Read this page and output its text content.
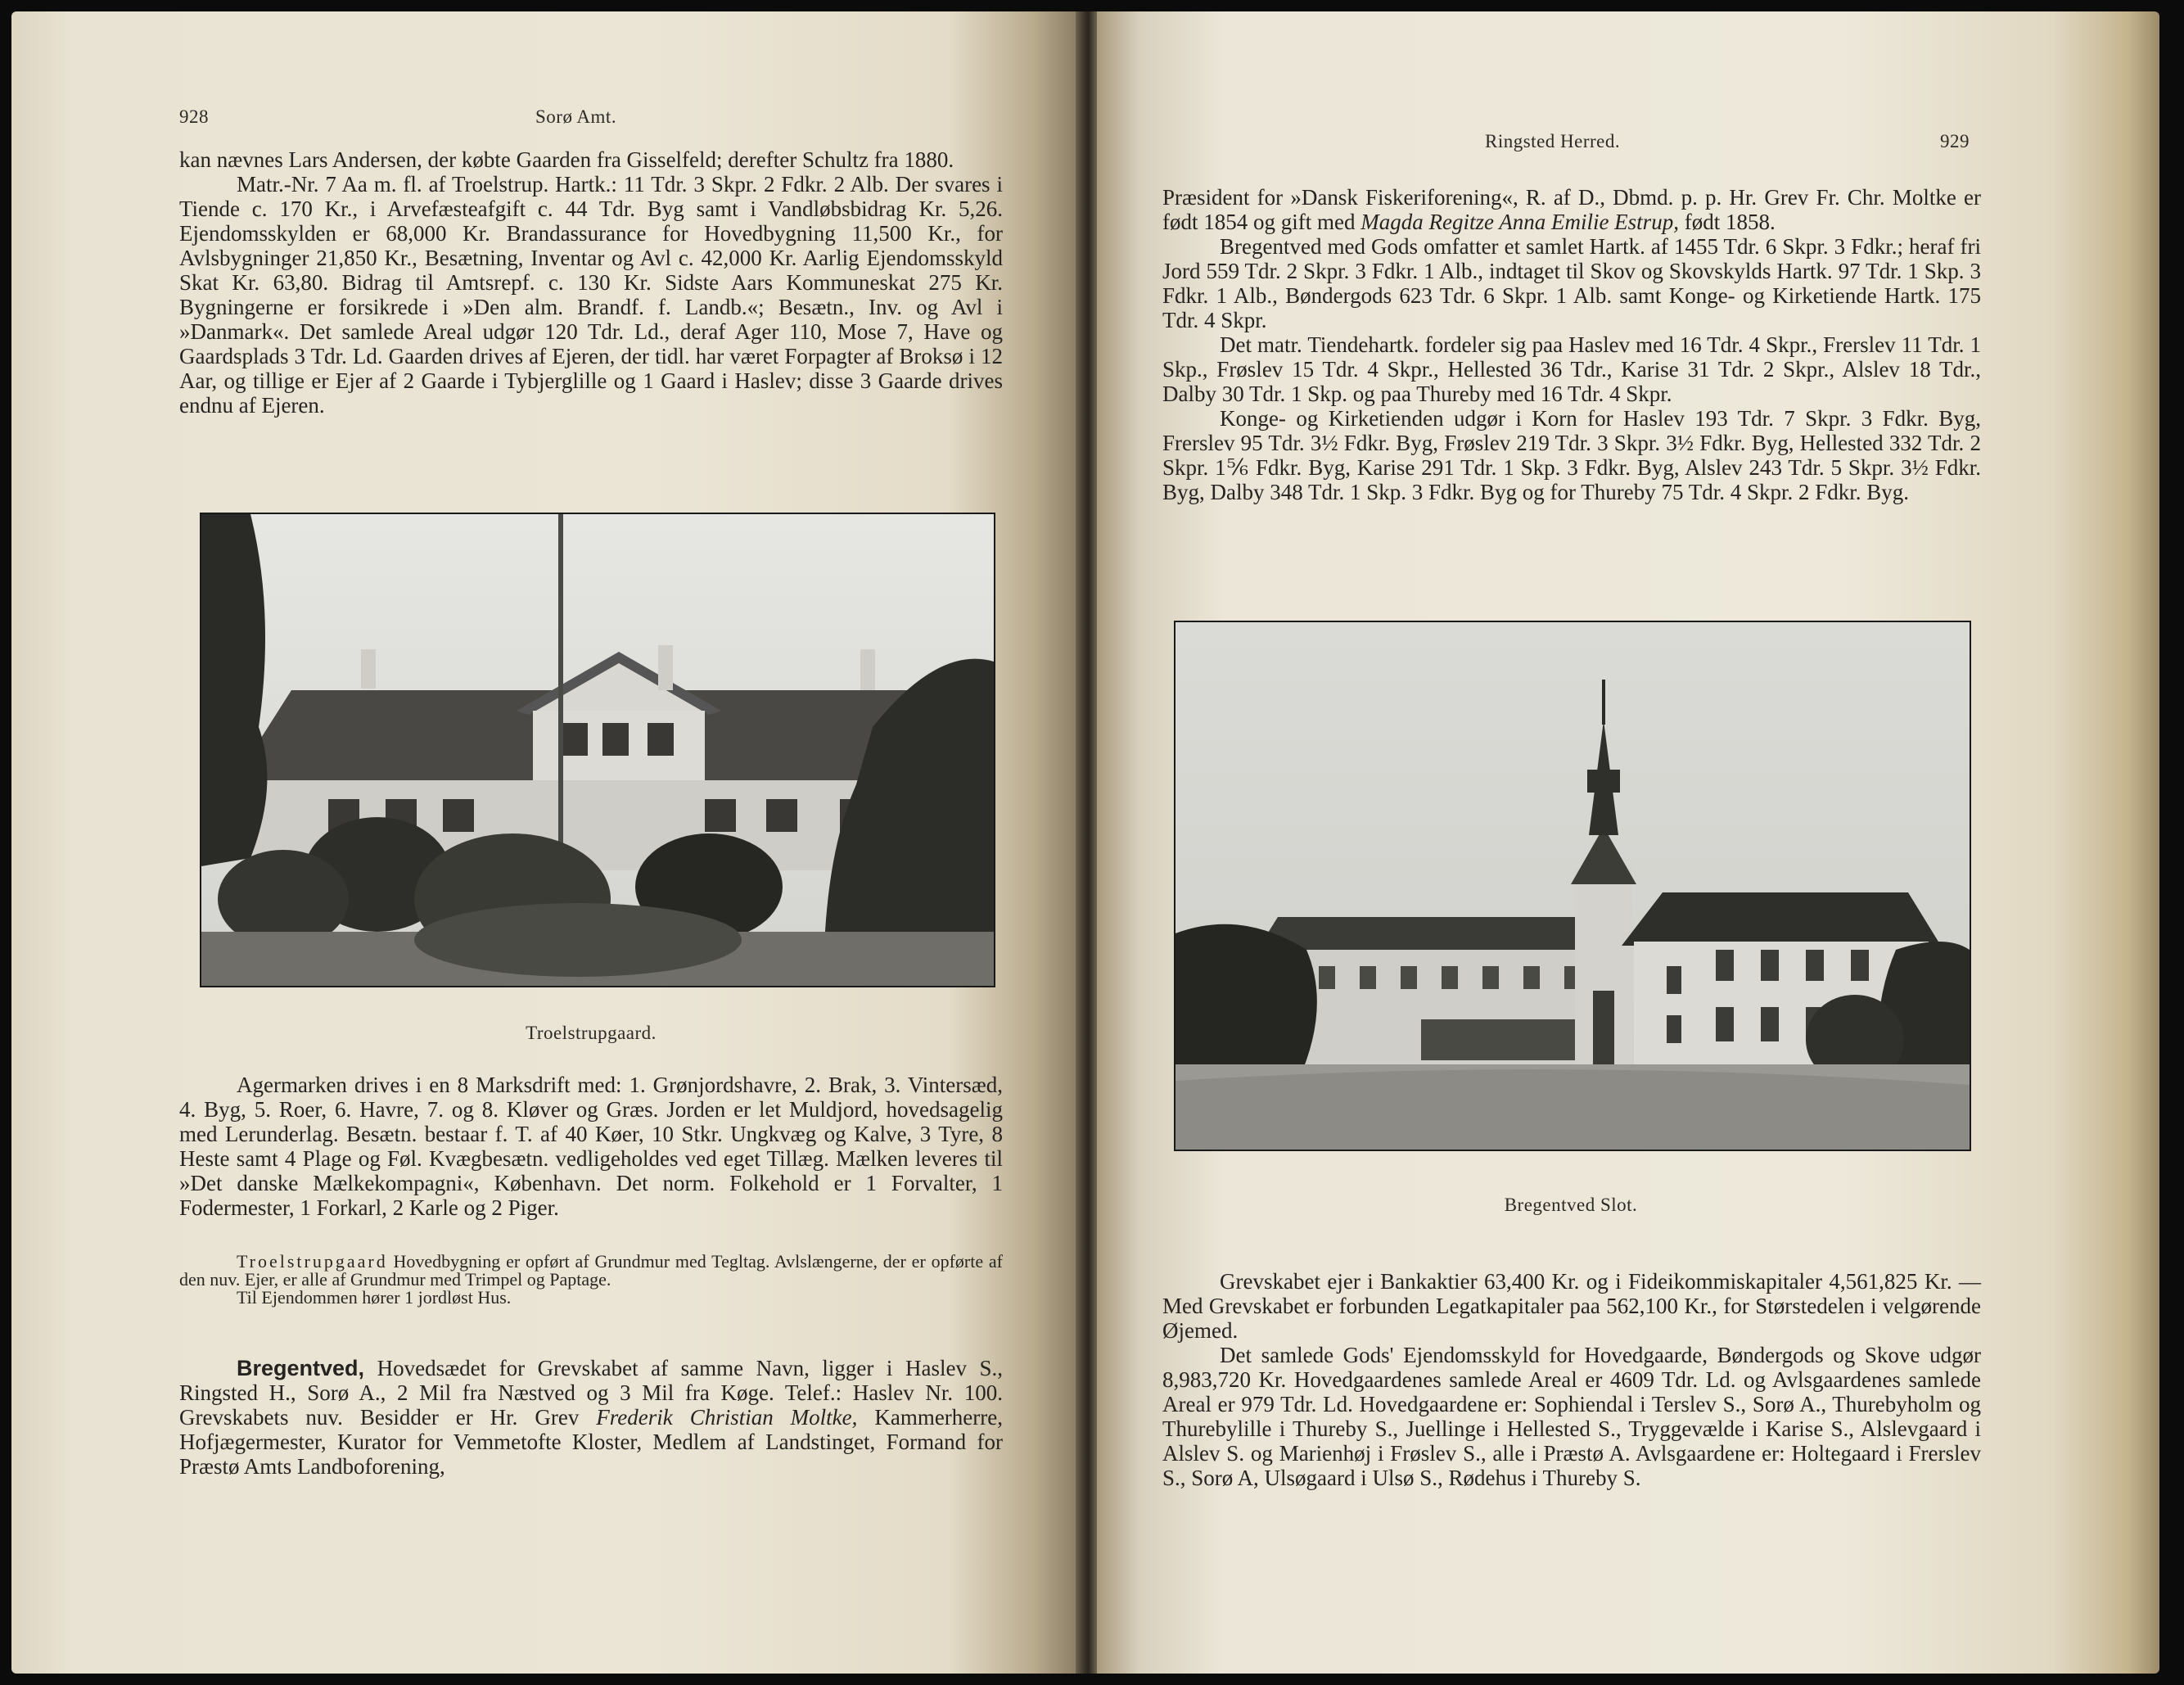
928	Sorø Amt.

kan nævnes Lars Andersen, der købte Gaarden fra Gisselfeld; derefter Schultz fra 1880.

Matr.-Nr. 7 Aa m. fl. af Troelstrup. Hartk.: 11 Tdr. 3 Skpr. 2 Fdkr. 2 Alb. Der svares i Tiende c. 170 Kr., i Arvefæsteafgift c. 44 Tdr. Byg samt i Vandløbsbidrag Kr. 5,26. Ejendomsskylden er 68,000 Kr. Brandassurance for Hovedbygning 11,500 Kr., for Avlsbygninger 21,850 Kr., Besætning, Inventar og Avl c. 42,000 Kr. Aarlig Ejendomsskyld Skat Kr. 63,80. Bidrag til Amtsrepf. c. 130 Kr. Sidste Aars Kommuneskat 275 Kr. Bygningerne er forsikrede i »Den alm. Brandf. f. Landb.«; Besætn., Inv. og Avl i »Danmark«. Det samlede Areal udgør 120 Tdr. Ld., deraf Ager 110, Mose 7, Have og Gaardsplads 3 Tdr. Ld. Gaarden drives af Ejeren, der tidl. har været Forpagter af Broksø i 12 Aar, og tillige er Ejer af 2 Gaarde i Tybjerglille og 1 Gaard i Haslev; disse 3 Gaarde drives endnu af Ejeren.

Troelstrupgaard.

Agermarken drives i en 8 Marksdrift med: 1. Grønjordshavre, 2. Brak, 3. Vintersæd, 4. Byg, 5. Roer, 6. Havre, 7. og 8. Kløver og Græs. Jorden er let Muldjord, hovedsagelig med Lerunderlag. Besætn. bestaar f. T. af 40 Køer, 10 Stkr. Ungkvæg og Kalve, 3 Tyre, 8 Heste samt 4 Plage og Føl. Kvægbesætn. vedligeholdes ved eget Tillæg. Mælken leveres til »Det danske Mælkekompagni«, København. Det norm. Folkehold er 1 Forvalter, 1 Fodermester, 1 Forkarl, 2 Karle og 2 Piger.

Troelstrupgaard Hovedbygning er opført af Grundmur med Tegltag. Avlslængerne, der er opførte af den nuv. Ejer, er alle af Grundmur med Trimpel og Paptage.

Til Ejendommen hører 1 jordløst Hus.

Bregentved, Hovedsædet for Grevskabet af samme Navn, ligger i Haslev S., Ringsted H., Sorø A., 2 Mil fra Næstved og 3 Mil fra Køge. Telef.: Haslev Nr. 100. Grevskabets nuv. Besidder er Hr. Grev Frederik Christian Moltke, Kammerherre, Hofjægermester, Kurator for Vemmetofte Kloster, Medlem af Landstinget, Formand for Præstø Amts Landboforening,

Ringsted Herred.	929

Præsident for »Dansk Fiskeriforening«, R. af D., Dbmd. p. p. Hr. Grev Fr. Chr. Moltke er født 1854 og gift med Magda Regitze Anna Emilie Estrup, født 1858.

Bregentved med Gods omfatter et samlet Hartk. af 1455 Tdr. 6 Skpr. 3 Fdkr.; heraf fri Jord 559 Tdr. 2 Skpr. 3 Fdkr. 1 Alb., indtaget til Skov og Skovskylds Hartk. 97 Tdr. 1 Skp. 3 Fdkr. 1 Alb., Bøndergods 623 Tdr. 6 Skpr. 1 Alb. samt Konge- og Kirketiende Hartk. 175 Tdr. 4 Skpr.

Det matr. Tiendehartk. fordeler sig paa Haslev med 16 Tdr. 4 Skpr., Frerslev 11 Tdr. 1 Skp., Frøslev 15 Tdr. 4 Skpr., Hellested 36 Tdr., Karise 31 Tdr. 2 Skpr., Alslev 18 Tdr., Dalby 30 Tdr. 1 Skp. og paa Thureby med 16 Tdr. 4 Skpr.

Konge- og Kirketienden udgør i Korn for Haslev 193 Tdr. 7 Skpr. 3 Fdkr. Byg, Frerslev 95 Tdr. 3½ Fdkr. Byg, Frøslev 219 Tdr. 3 Skpr. 3½ Fdkr. Byg, Hellested 332 Tdr. 2 Skpr. 1⅚ Fdkr. Byg, Karise 291 Tdr. 1 Skp. 3 Fdkr. Byg, Alslev 243 Tdr. 5 Skpr. 3½ Fdkr. Byg, Dalby 348 Tdr. 1 Skp. 3 Fdkr. Byg og for Thureby 75 Tdr. 4 Skpr. 2 Fdkr. Byg.

Bregentved Slot.

Grevskabet ejer i Bankaktier 63,400 Kr. og i Fideikommiskapitaler 4,561,825 Kr. — Med Grevskabet er forbunden Legatkapitaler paa 562,100 Kr., for Størstedelen i velgørende Øjemed.

Det samlede Gods' Ejendomsskyld for Hovedgaarde, Bøndergods og Skove udgør 8,983,720 Kr. Hovedgaardenes samlede Areal er 4609 Tdr. Ld. og Avlsgaardenes samlede Areal er 979 Tdr. Ld. Hovedgaardene er: Sophiendal i Terslev S., Sorø A., Thurebyholm og Thurebylille i Thureby S., Juellinge i Hellested S., Tryggevælde i Karise S., Alslevgaard i Alslev S. og Marienhøj i Frøslev S., alle i Præstø A. Avlsgaardene er: Holtegaard i Frerslev S., Sorø A, Ulsøgaard i Ulsø S., Rødehus i Thureby S.
